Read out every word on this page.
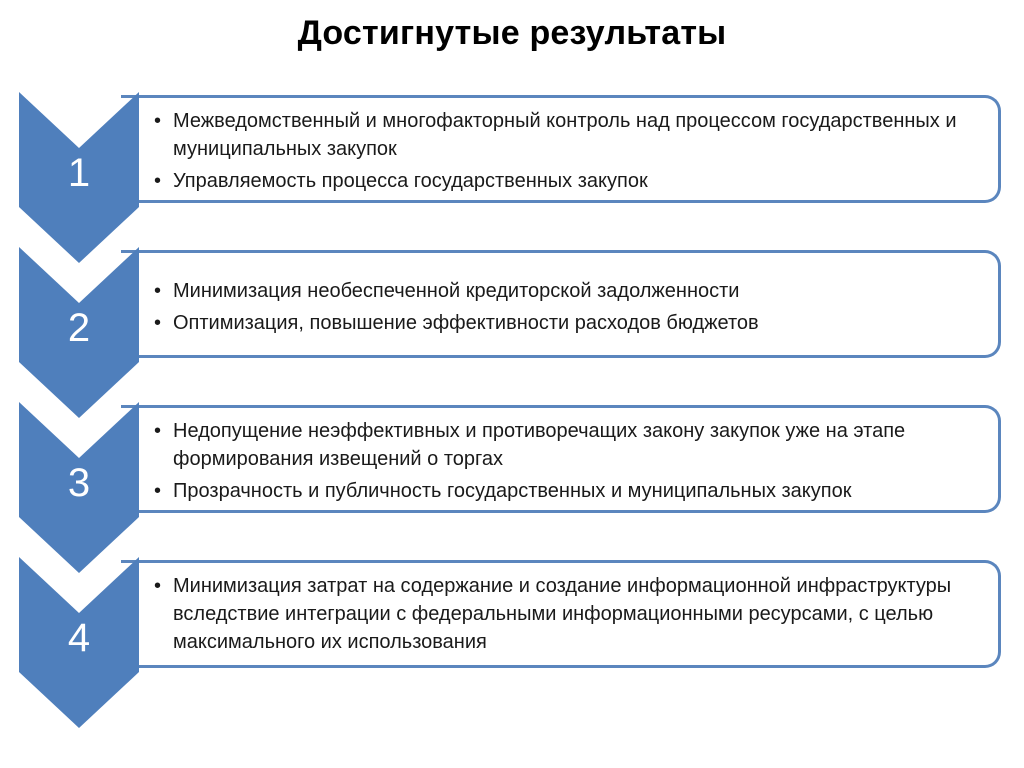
Достигнутые результаты
• Межведомственный и многофакторный контроль над процессом государственных и муниципальных закупок
• Управляемость процесса государственных закупок
1
• Минимизация необеспеченной кредиторской задолженности
• Оптимизация, повышение эффективности расходов бюджетов
2
• Недопущение неэффективных и противоречащих закону закупок уже на этапе формирования извещений о торгах
• Прозрачность и публичность государственных и муниципальных закупок
3
• Минимизация затрат на содержание и создание информационной инфраструктуры вследствие интеграции с федеральными информационными ресурсами, с целью максимального их использования
4
